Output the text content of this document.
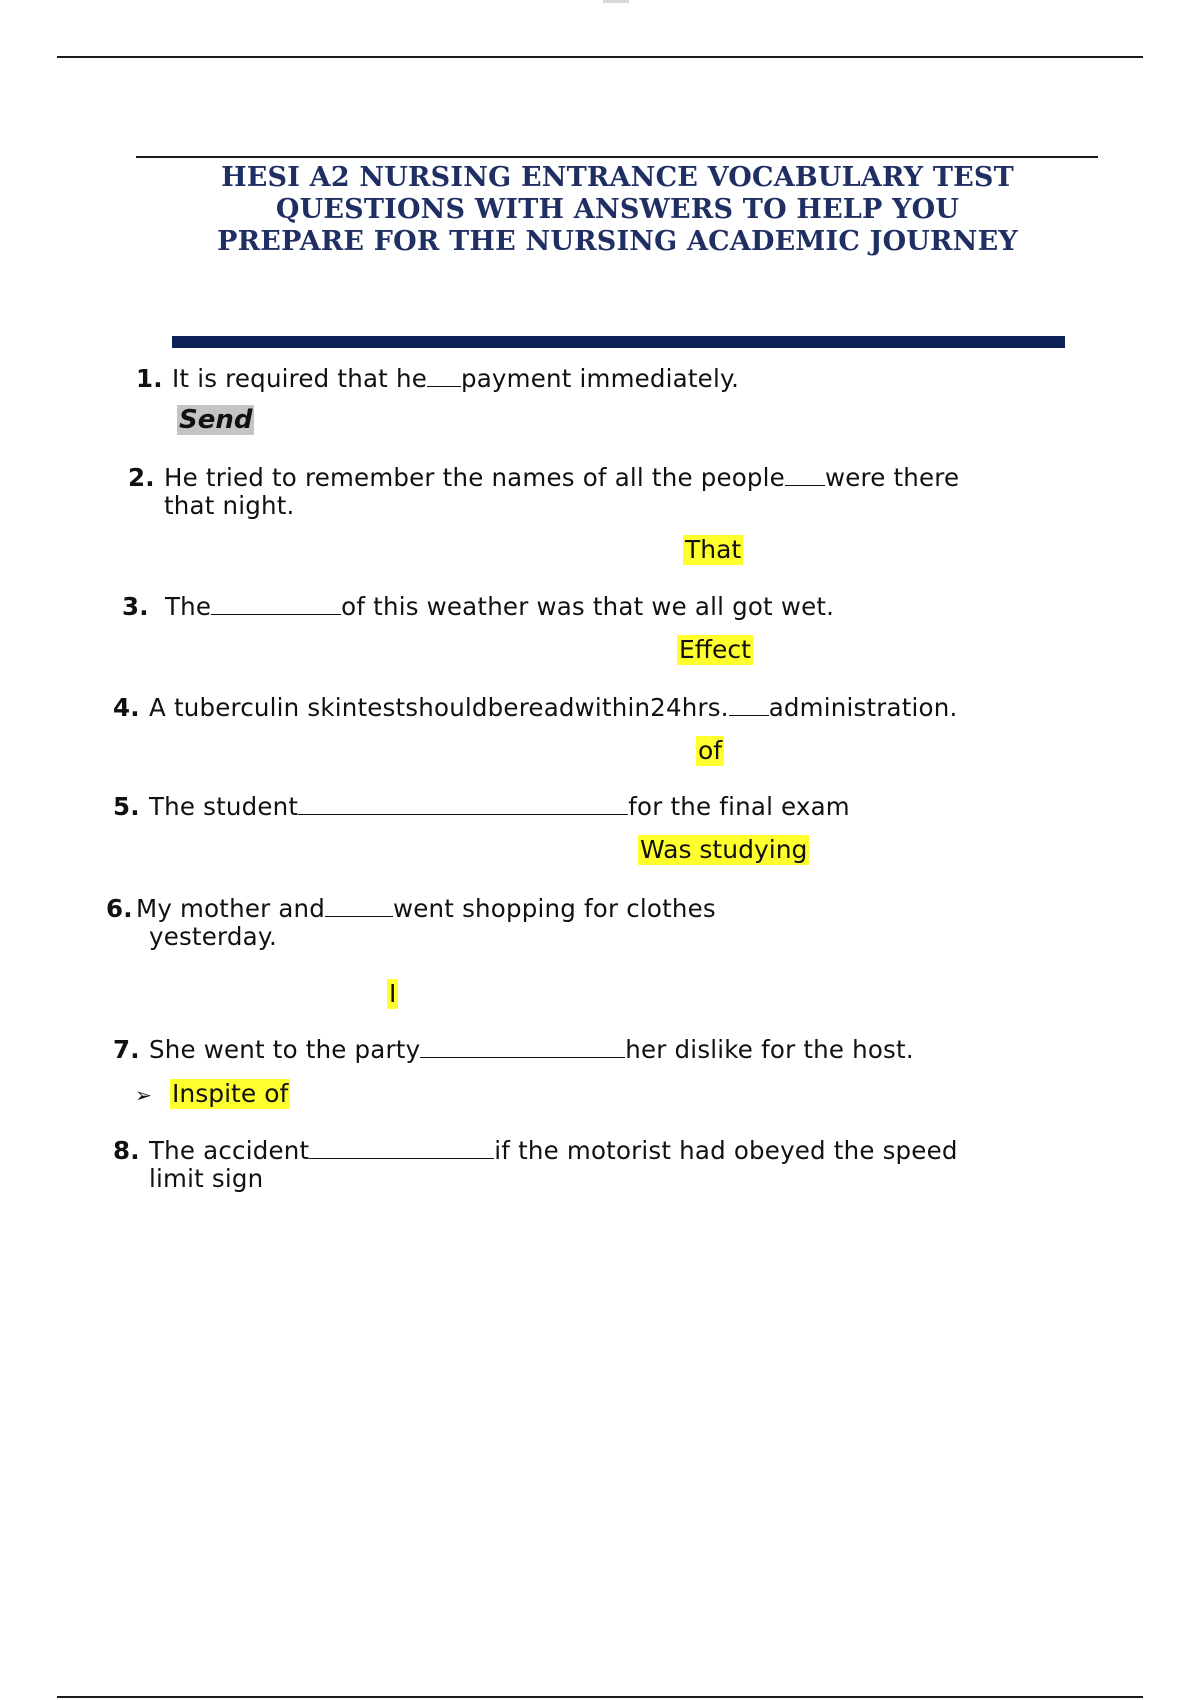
HESI A2 NURSING ENTRANCE VOCABULARY TEST
QUESTIONS WITH ANSWERS TO HELP YOU
PREPARE FOR THE NURSING ACADEMIC JOURNEY
1. It is required that he payment immediately.
Send
2. He tried to remember the names of all the people were there
that night.
That
3. The	of this weather was that we all got wet.
Effect
4. A tuberculin skintestshouldbereadwithin24hrs. administration.
of
5. The student	for the final exam
Was studying
6. My mother and	went shopping for clothes
yesterday.
I
7. She went to the party	her dislike for the host.
➢ Inspite of
8. The accident	if the motorist had obeyed the speed
limit sign
